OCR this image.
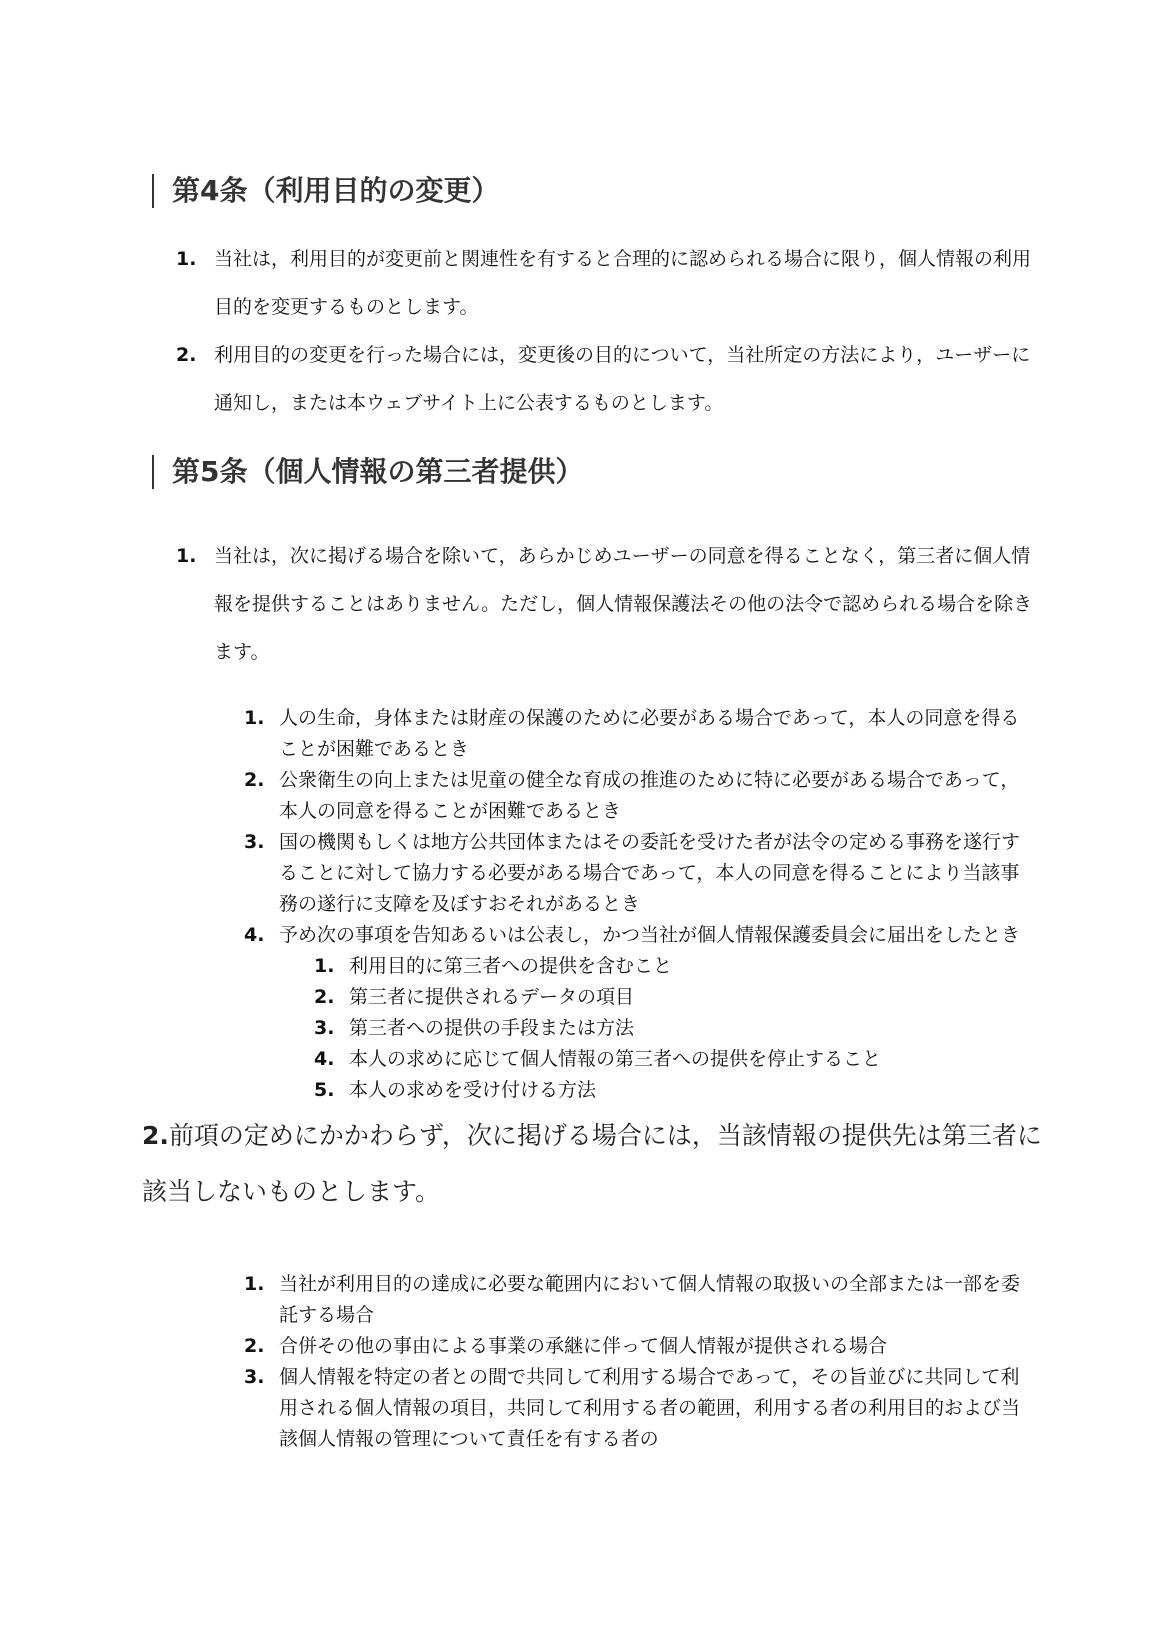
第4条（利用目的の変更）
1. 当社は，利用目的が変更前と関連性を有すると合理的に認められる場合に限り，個人情報の利用目的を変更するものとします。
2. 利用目的の変更を行った場合には，変更後の目的について，当社所定の方法により，ユーザーに通知し，または本ウェブサイト上に公表するものとします。
第5条（個人情報の第三者提供）
1. 当社は，次に掲げる場合を除いて，あらかじめユーザーの同意を得ることなく，第三者に個人情報を提供することはありません。ただし，個人情報保護法その他の法令で認められる場合を除きます。
1. 人の生命，身体または財産の保護のために必要がある場合であって，本人の同意を得ることが困難であるとき
2. 公衆衛生の向上または児童の健全な育成の推進のために特に必要がある場合であって，本人の同意を得ることが困難であるとき
3. 国の機関もしくは地方公共団体またはその委託を受けた者が法令の定める事務を遂行することに対して協力する必要がある場合であって，本人の同意を得ることにより当該事務の遂行に支障を及ぼすおそれがあるとき
4. 予め次の事項を告知あるいは公表し，かつ当社が個人情報保護委員会に届出をしたとき
1. 利用目的に第三者への提供を含むこと
2. 第三者に提供されるデータの項目
3. 第三者への提供の手段または方法
4. 本人の求めに応じて個人情報の第三者への提供を停止すること
5. 本人の求めを受け付ける方法

2.前項の定めにかかわらず，次に掲げる場合には，当該情報の提供先は第三者に該当しないものとします。

1. 当社が利用目的の達成に必要な範囲内において個人情報の取扱いの全部または一部を委託する場合
2. 合併その他の事由による事業の承継に伴って個人情報が提供される場合
3. 個人情報を特定の者との間で共同して利用する場合であって，その旨並びに共同して利用される個人情報の項目，共同して利用する者の範囲，利用する者の利用目的および当該個人情報の管理について責任を有する者の
